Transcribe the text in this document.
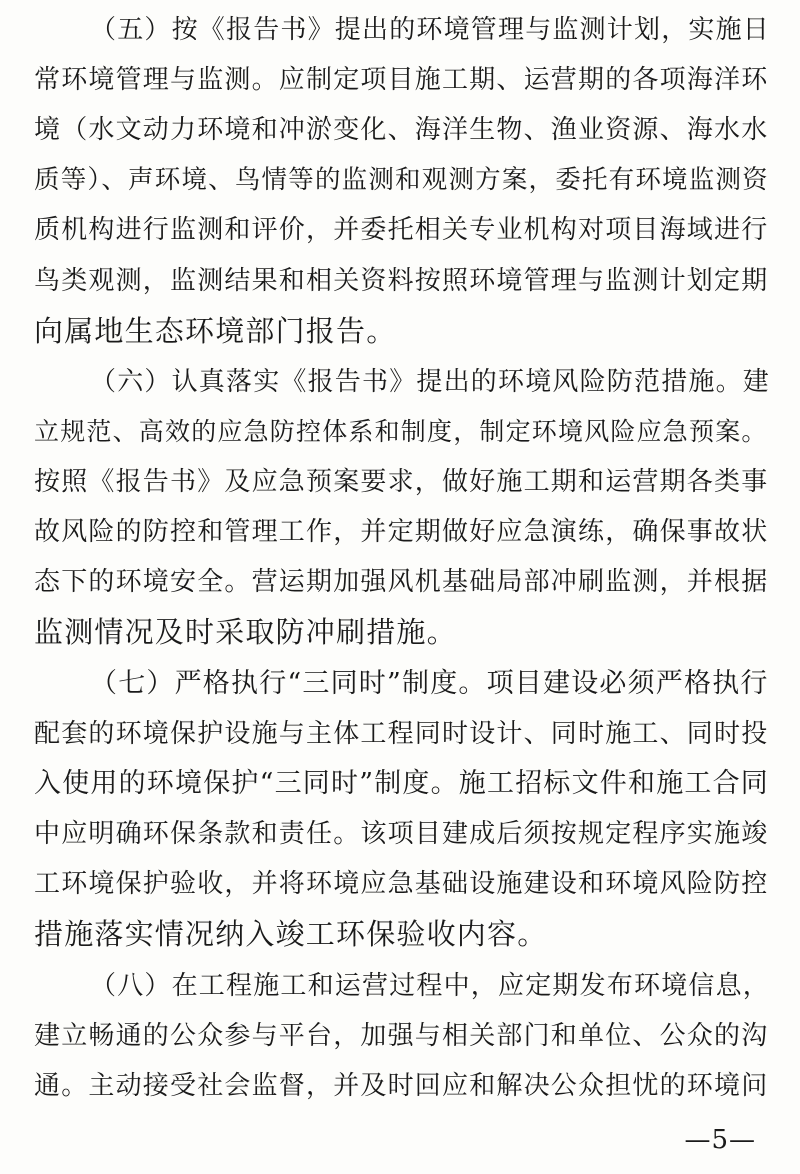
（五）按《报告书》提出的环境管理与监测计划，实施日
常环境管理与监测。应制定项目施工期、运营期的各项海洋环
境（水文动力环境和冲淤变化、海洋生物、渔业资源、海水水
质等）、声环境、鸟情等的监测和观测方案，委托有环境监测资
质机构进行监测和评价，并委托相关专业机构对项目海域进行
鸟类观测，监测结果和相关资料按照环境管理与监测计划定期
向属地生态环境部门报告。
（六）认真落实《报告书》提出的环境风险防范措施。建
立规范、高效的应急防控体系和制度，制定环境风险应急预案。
按照《报告书》及应急预案要求，做好施工期和运营期各类事
故风险的防控和管理工作，并定期做好应急演练，确保事故状
态下的环境安全。营运期加强风机基础局部冲刷监测，并根据
监测情况及时采取防冲刷措施。
（七）严格执行“三同时”制度。项目建设必须严格执行
配套的环境保护设施与主体工程同时设计、同时施工、同时投
入使用的环境保护“三同时”制度。施工招标文件和施工合同
中应明确环保条款和责任。该项目建成后须按规定程序实施竣
工环境保护验收，并将环境应急基础设施建设和环境风险防控
措施落实情况纳入竣工环保验收内容。
（八）在工程施工和运营过程中，应定期发布环境信息，
建立畅通的公众参与平台，加强与相关部门和单位、公众的沟
通。主动接受社会监督，并及时回应和解决公众担忧的环境问
—5—
